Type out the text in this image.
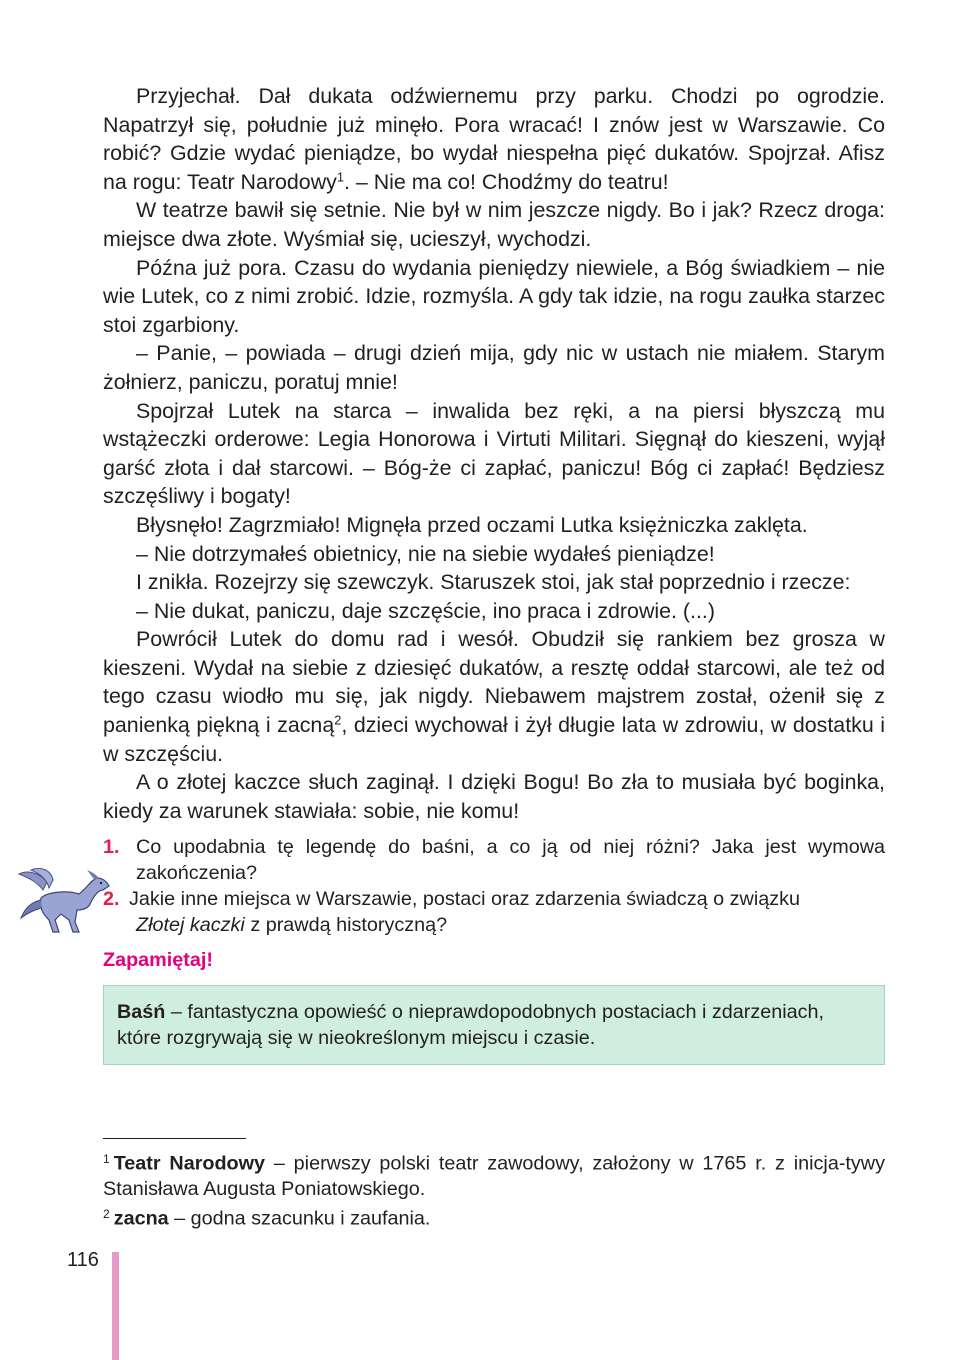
Przyjechał. Dał dukata odźwiernemu przy parku. Chodzi po ogrodzie. Napatrzył się, południe już minęło. Pora wracać! I znów jest w Warszawie. Co robić? Gdzie wydać pieniądze, bo wydał niespełna pięć dukatów. Spojrzał. Afisz na rogu: Teatr Narodowy$^1$. – Nie ma co! Chodźmy do teatru!

W teatrze bawił się setnie. Nie był w nim jeszcze nigdy. Bo i jak? Rzecz droga: miejsce dwa złote. Wyśmiał się, ucieszył, wychodzi.

Późna już pora. Czasu do wydania pieniędzy niewiele, a Bóg świadkiem – nie wie Lutek, co z nimi zrobić. Idzie, rozmyśla. A gdy tak idzie, na rogu zaułka starzec stoi zgarbiony.

– Panie, – powiada – drugi dzień mija, gdy nic w ustach nie miałem. Starym żołnierz, paniczu, poratuj mnie!

Spojrzał Lutek na starca – inwalida bez ręki, a na piersi błyszczą mu wstążeczki orderowe: Legia Honorowa i Virtuti Militari. Sięgnął do kieszeni, wyjął garść złota i dał starcowi. – Bóg-że ci zapłać, paniczu! Bóg ci zapłać! Będziesz szczęśliwy i bogaty!

Błysnęło! Zagrzmiało! Mignęła przed oczami Lutka księżniczka zaklęta.

– Nie dotrzymałeś obietnicy, nie na siebie wydałeś pieniądze!

I znikła. Rozejrzy się szewczyk. Staruszek stoi, jak stał poprzednio i rzecze:

– Nie dukat, paniczu, daje szczęście, ino praca i zdrowie. (...)

Powrócił Lutek do domu rad i wesół. Obudził się rankiem bez grosza w kieszeni. Wydał na siebie z dziesięć dukatów, a resztę oddał starcowi, ale też od tego czasu wiodło mu się, jak nigdy. Niebawem majstrem został, ożenił się z panienką piękną i zacną$^2$, dzieci wychował i żył długie lata w zdrowiu, w dostatku i w szczęściu.

A o złotej kaczce słuch zaginął. I dzięki Bogu! Bo zła to musiała być boginka, kiedy za warunek stawiała: sobie, nie komu!

1. Co upodabnia tę legendę do baśni, a co ją od niej różni? Jaka jest wymowa zakończenia?

2. Jakie inne miejsca w Warszawie, postaci oraz zdarzenia świadczą o związku
Złotej kaczki z prawdą historyczną?

Zapamiętaj!

Baśń – fantastyczna opowieść o nieprawdopodobnych postaciach i zdarzeniach, które rozgrywają się w nieokreślonym miejscu i czasie.

$^1$ Teatr Narodowy – pierwszy polski teatr zawodowy, założony w 1765 r. z inicja-tywy Stanisława Augusta Poniatowskiego.

$^2$ zacna – godna szacunku i zaufania.

116
